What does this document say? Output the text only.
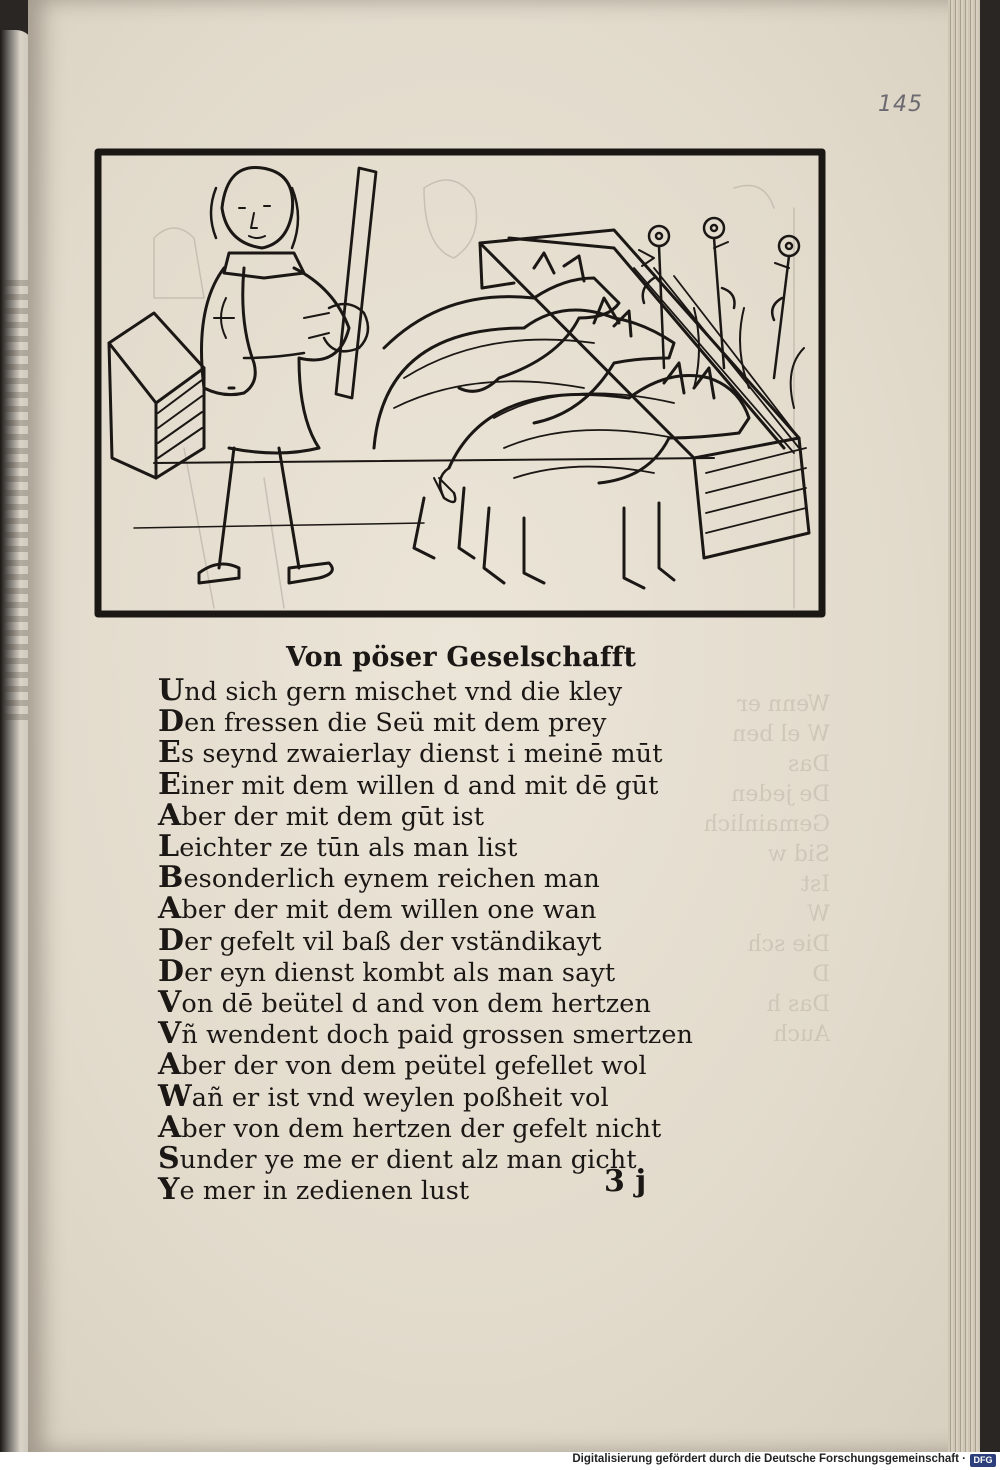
145
Wenn er
W el ben
Das
De jeden
Gemainlich
Sid w
Ist
W
Die sch
D
Das h
Auch
Von pöser Geselschafft
Und sich gern mischet vnd die kley
Den fressen die Seü mit dem prey
Es seynd zwaierlay dienst i meinē mūt
Einer mit dem willen d and mit dē gūt
Aber der mit dem gūt ist
Leichter ze tūn als man list
Besonderlich eynem reichen man
Aber der mit dem willen one wan
Der gefelt vil baß der vständikayt
Der eyn dienst kombt als man sayt
Von dē beütel d and von dem hertzen
Vñ wendent doch paid grossen smertzen
Aber der von dem peütel gefellet wol
Wañ er ist vnd weylen poßheit vol
Aber von dem hertzen der gefelt nicht
Sunder ye me er dient alz man gicht
Ye mer in zedienen lust	3 j
Digitalisierung gefördert durch die Deutsche Forschungsgemeinschaft · DFG
